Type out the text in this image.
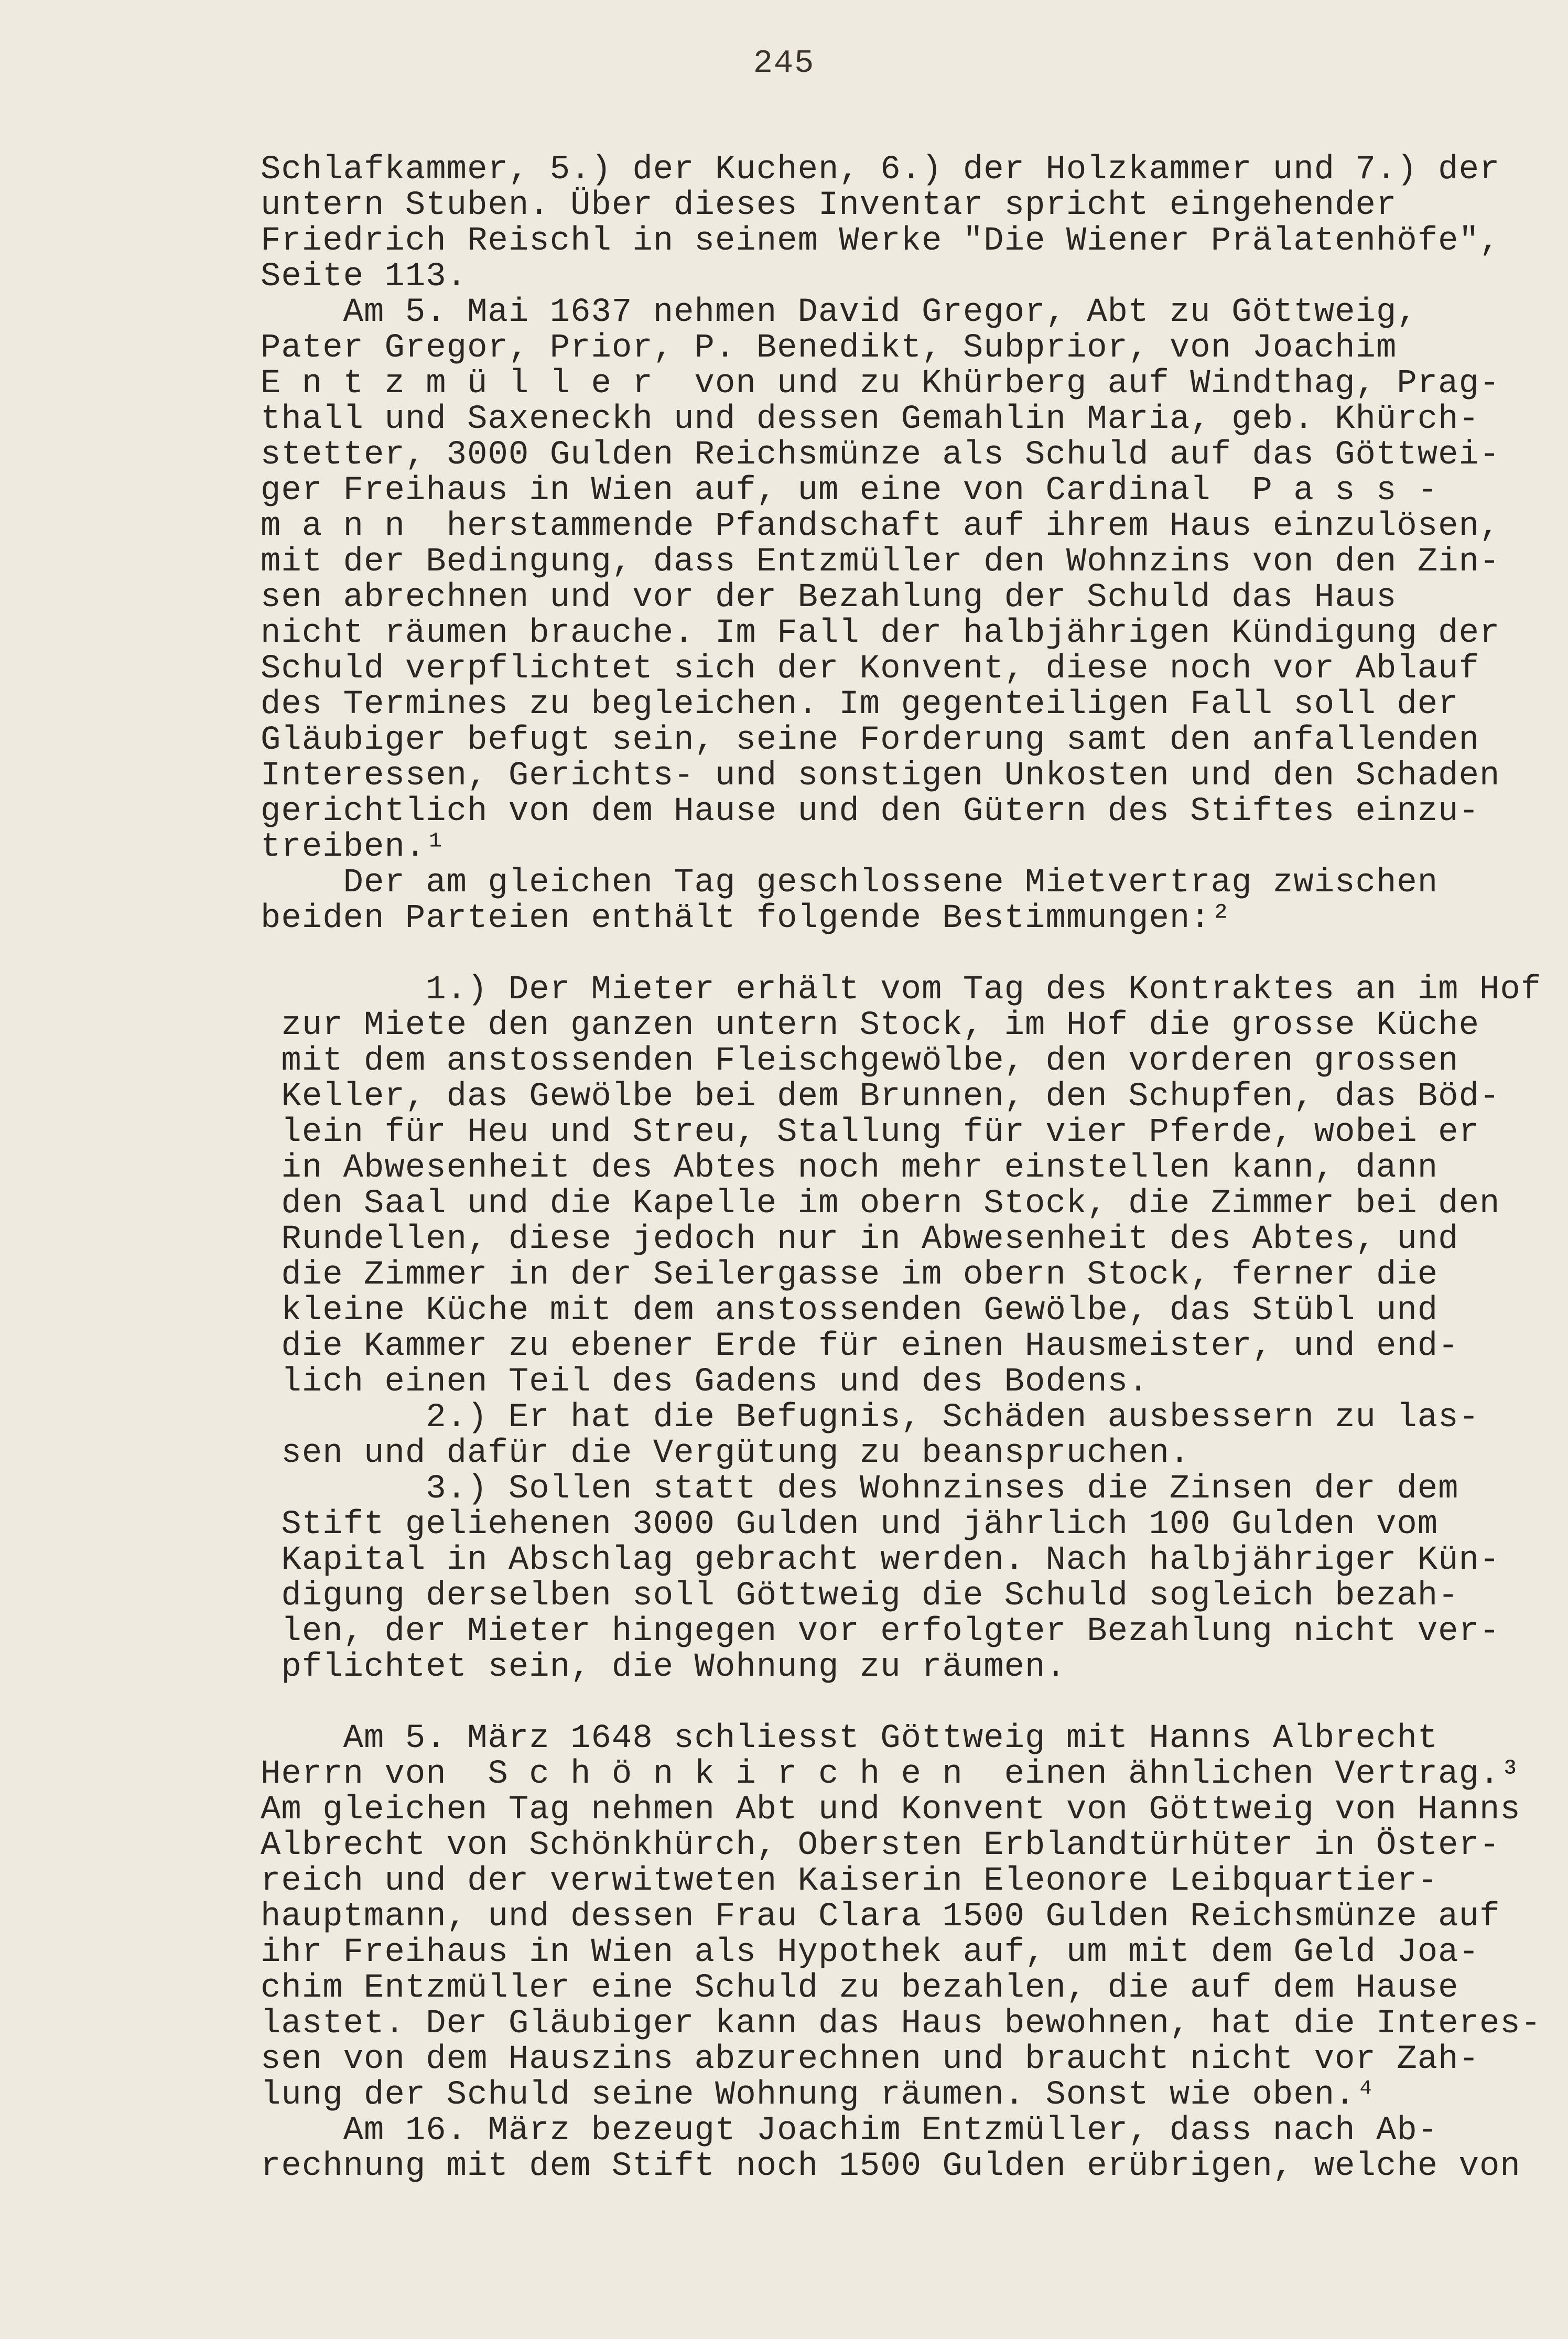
245
Schlafkammer, 5.) der Kuchen, 6.) der Holzkammer und 7.) der
untern Stuben. Über dieses Inventar spricht eingehender
Friedrich Reischl in seinem Werke "Die Wiener Prälatenhöfe",
Seite 113.
Am 5. Mai 1637 nehmen David Gregor, Abt zu Göttweig,
Pater Gregor, Prior, P. Benedikt, Subprior, von Joachim
E n t z m ü l l e r  von und zu Khürberg auf Windthag, Prag-
thall und Saxeneckh und dessen Gemahlin Maria, geb. Khürch-
stetter, 3000 Gulden Reichsmünze als Schuld auf das Göttwei-
ger Freihaus in Wien auf, um eine von Cardinal  P a s s -
m a n n  herstammende Pfandschaft auf ihrem Haus einzulösen,
mit der Bedingung, dass Entzmüller den Wohnzins von den Zin-
sen abrechnen und vor der Bezahlung der Schuld das Haus
nicht räumen brauche. Im Fall der halbjährigen Kündigung der
Schuld verpflichtet sich der Konvent, diese noch vor Ablauf
des Termines zu begleichen. Im gegenteiligen Fall soll der
Gläubiger befugt sein, seine Forderung samt den anfallenden
Interessen, Gerichts- und sonstigen Unkosten und den Schaden
gerichtlich von dem Hause und den Gütern des Stiftes einzu-
treiben.¹
Der am gleichen Tag geschlossene Mietvertrag zwischen
beiden Parteien enthält folgende Bestimmungen:²
1.) Der Mieter erhält vom Tag des Kontraktes an im Hof
zur Miete den ganzen untern Stock, im Hof die grosse Küche
mit dem anstossenden Fleischgewölbe, den vorderen grossen
Keller, das Gewölbe bei dem Brunnen, den Schupfen, das Böd-
lein für Heu und Streu, Stallung für vier Pferde, wobei er
in Abwesenheit des Abtes noch mehr einstellen kann, dann
den Saal und die Kapelle im obern Stock, die Zimmer bei den
Rundellen, diese jedoch nur in Abwesenheit des Abtes, und
die Zimmer in der Seilergasse im obern Stock, ferner die
kleine Küche mit dem anstossenden Gewölbe, das Stübl und
die Kammer zu ebener Erde für einen Hausmeister, und end-
lich einen Teil des Gadens und des Bodens.
2.) Er hat die Befugnis, Schäden ausbessern zu las-
sen und dafür die Vergütung zu beanspruchen.
3.) Sollen statt des Wohnzinses die Zinsen der dem
Stift geliehenen 3000 Gulden und jährlich 100 Gulden vom
Kapital in Abschlag gebracht werden. Nach halbjähriger Kün-
digung derselben soll Göttweig die Schuld sogleich bezah-
len, der Mieter hingegen vor erfolgter Bezahlung nicht ver-
pflichtet sein, die Wohnung zu räumen.
Am 5. März 1648 schliesst Göttweig mit Hanns Albrecht
Herrn von  S c h ö n k i r c h e n  einen ähnlichen Vertrag.³
Am gleichen Tag nehmen Abt und Konvent von Göttweig von Hanns
Albrecht von Schönkhürch, Obersten Erblandtürhüter in Öster-
reich und der verwitweten Kaiserin Eleonore Leibquartier-
hauptmann, und dessen Frau Clara 1500 Gulden Reichsmünze auf
ihr Freihaus in Wien als Hypothek auf, um mit dem Geld Joa-
chim Entzmüller eine Schuld zu bezahlen, die auf dem Hause
lastet. Der Gläubiger kann das Haus bewohnen, hat die Interes-
sen von dem Hauszins abzurechnen und braucht nicht vor Zah-
lung der Schuld seine Wohnung räumen. Sonst wie oben.⁴
Am 16. März bezeugt Joachim Entzmüller, dass nach Ab-
rechnung mit dem Stift noch 1500 Gulden erübrigen, welche von
